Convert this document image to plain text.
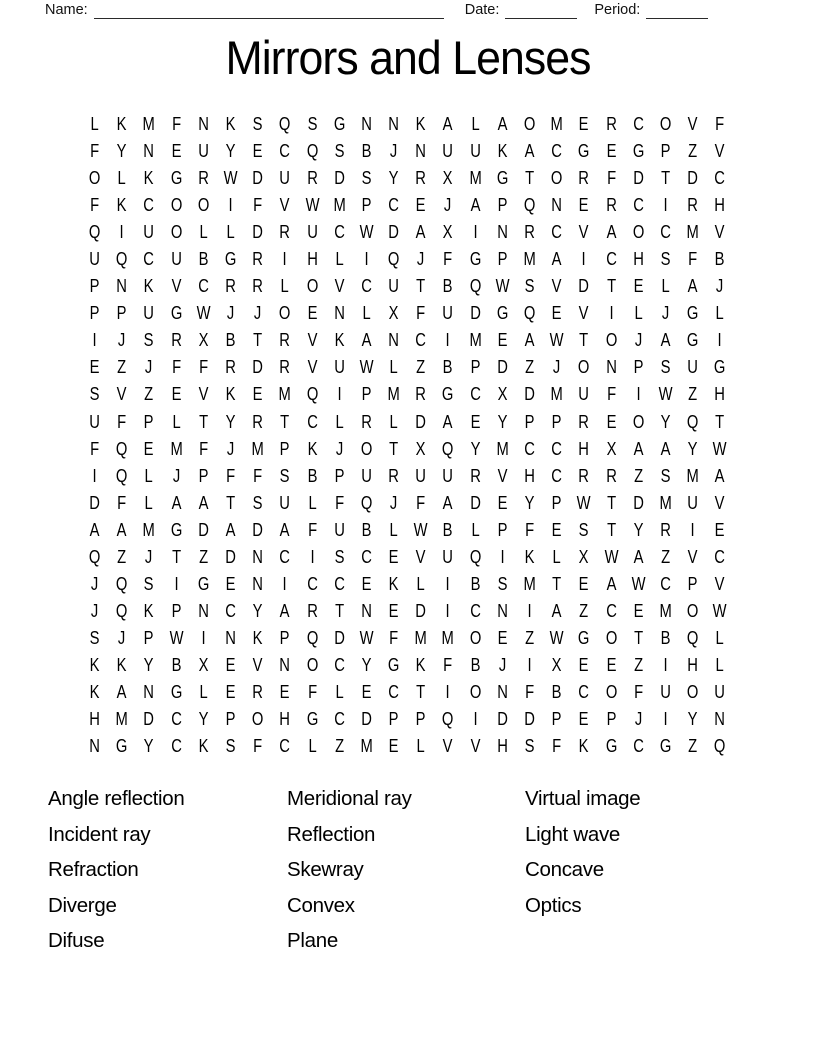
Name:	Date:	Period:
Mirrors and Lenses
L	K M F N K S Q S G N N K A	L	A O M E R C O V F
F Y N E U Y E C Q S B	J	N U U K A C G E G P Z V
O L	K G R W D U R D S Y R X M G T O R F D T D C
F K C O O	I	F V W M P C E	J	A P Q N E R C	I	R H
Q	I	U O L	L D R U C W D A X	I	N R C V A O C M V
U Q C U B G R	I	H L	I	Q J	F G P M A	I	C H S F B
P N K V C R R L O V C U T B Q W S V D T E	L	A	J
P P U G W J	J O E N L	X F U D G Q E V	I	L	J G L
I	J	S R X B T R V K A N C	I	M E A W T O J	A G	I
E Z	J	F	F R D R V U W L	Z B P D Z	J O N P S U G
S V Z E V K E M Q	I	P M R G C X D M U F	I	W Z H
U F P	L	T Y R T C L R L D A E Y P P R E O Y Q T
F Q E M F	J M P K	J O T X Q Y M C C H X A A Y W
I	Q L	J	P F	F S B P U R U U R V H C R R Z S M A
D F	L	A A T S U L	F Q J	F A D E Y P W T D M U V
A A M G D A D A F U B	L W B	L	P F E S T Y R	I	E
Q Z	J	T	Z D N C	I	S C E V U Q	I	K	L	X W A Z V C
J Q S	I	G E N	I	C C E K	L	I	B S M T E A W C P V
J Q K P N C Y A R T N E D	I	C N	I	A Z C E M O W
S	J	P W	I	N K P Q D W F M M O E Z W G O T B Q L
K K Y B X E V N O C Y G K F B	J	I	X E E Z	I	H L
K A N G L	E R E F	L	E C T	I	O N F B C O F U O U
H M D C Y P O H G C D P P Q	I	D D P E P	J	I	Y N
N G Y C K S F C L	Z M E	L	V V H S F K G C G Z Q
Angle reflection
Incident ray
Refraction
Diverge
Difuse
Meridional ray
Reflection
Skewray
Convex
Plane
Virtual image
Light wave
Concave
Optics
